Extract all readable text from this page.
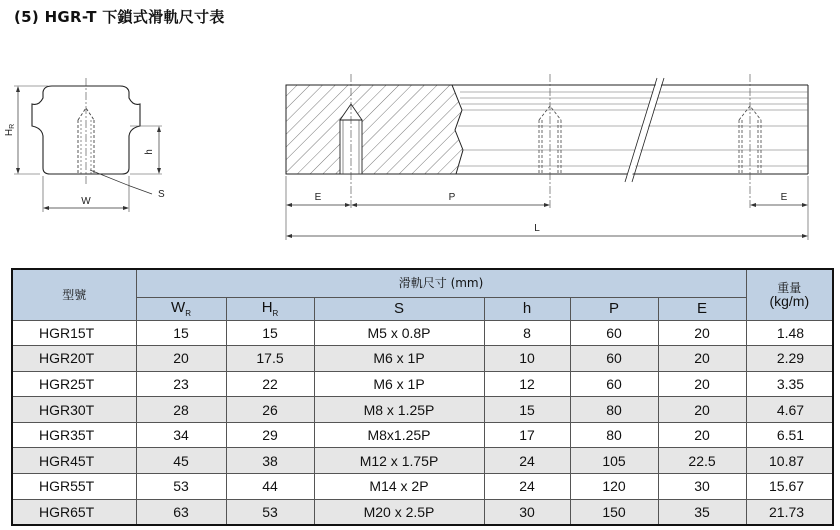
(5) HGR-T 下鎖式滑軌尺寸表
$H_R$
h
W
S	E	P	E
L
型號	滑軌尺寸 (mm)						重量
(kg/m)
	$W_R$	$H_R$	S	h	P	E	
HGR15T	15	15	M5 x 0.8P	8	60	20	1.48
HGR20T	20	17.5	M6 x 1P	10	60	20	2.29
HGR25T	23	22	M6 x 1P	12	60	20	3.35
HGR30T	28	26	M8 x 1.25P	15	80	20	4.67
HGR35T	34	29	M8x1.25P	17	80	20	6.51
HGR45T	45	38	M12 x 1.75P	24	105	22.5	10.87
HGR55T	53	44	M14 x 2P	24	120	30	15.67
HGR65T	63	53	M20 x 2.5P	30	150	35	21.73
